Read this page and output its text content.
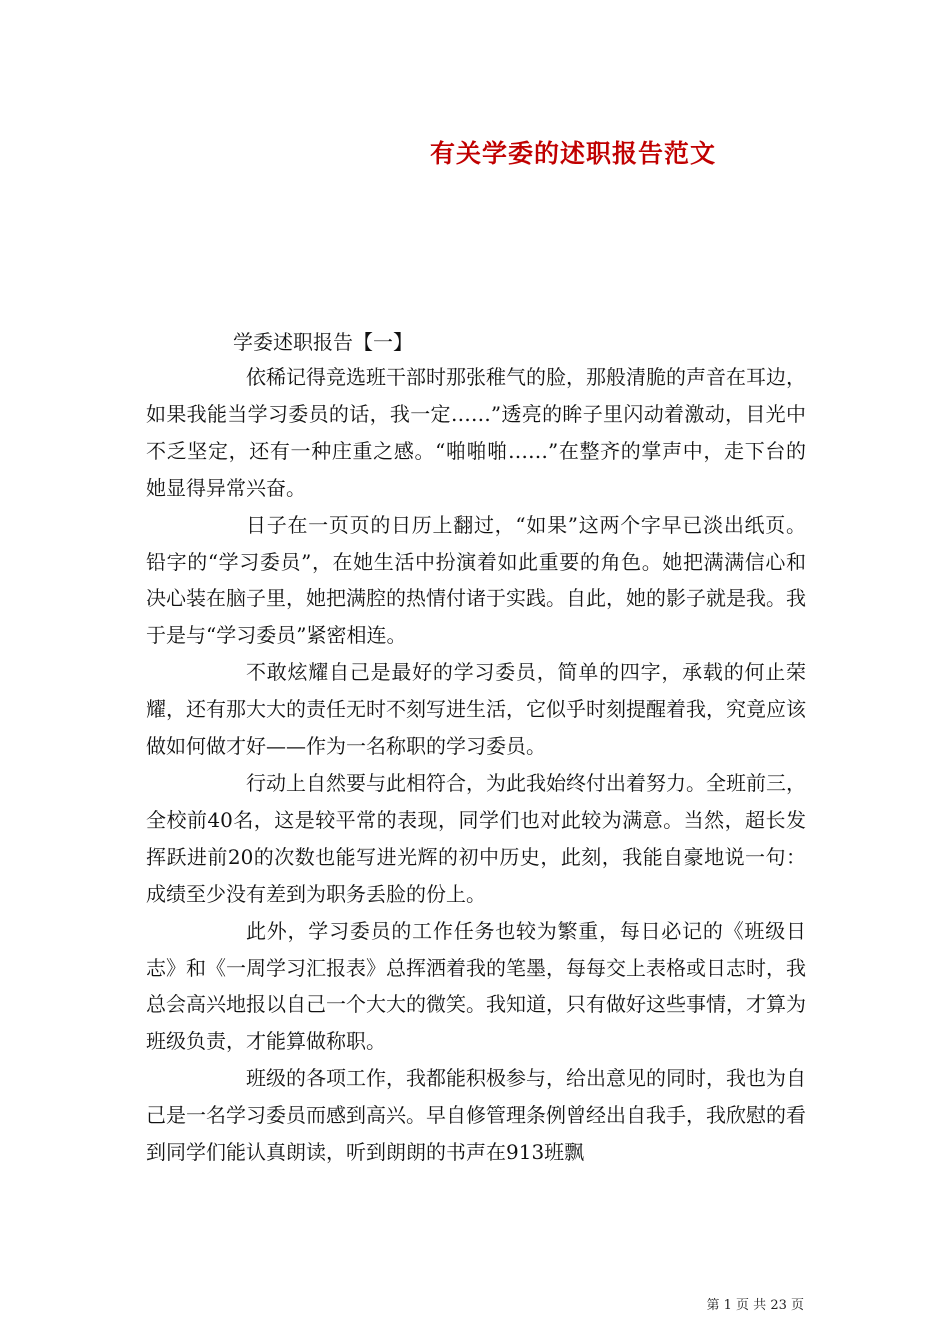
有关学委的述职报告范文
学委述职报告【一】

依稀记得竞选班干部时那张稚气的脸，那般清脆的声音在耳边，如果我能当学习委员的话，我一定……”透亮的眸子里闪动着激动，目光中不乏坚定，还有一种庄重之感。“啪啪啪……”在整齐的掌声中，走下台的她显得异常兴奋。

日子在一页页的日历上翻过，“如果”这两个字早已淡出纸页。铅字的“学习委员”，在她生活中扮演着如此重要的角色。她把满满信心和决心装在脑子里，她把满腔的热情付诸于实践。自此，她的影子就是我。我于是与“学习委员”紧密相连。

不敢炫耀自己是最好的学习委员，简单的四字，承载的何止荣耀，还有那大大的责任无时不刻写进生活，它似乎时刻提醒着我，究竟应该做如何做才好——作为一名称职的学习委员。

行动上自然要与此相符合，为此我始终付出着努力。全班前三，全校前40名，这是较平常的表现，同学们也对此较为满意。当然，超长发挥跃进前20的次数也能写进光辉的初中历史，此刻，我能自豪地说一句：成绩至少没有差到为职务丢脸的份上。

此外，学习委员的工作任务也较为繁重，每日必记的《班级日志》和《一周学习汇报表》总挥洒着我的笔墨，每每交上表格或日志时，我总会高兴地报以自己一个大大的微笑。我知道，只有做好这些事情，才算为班级负责，才能算做称职。

班级的各项工作，我都能积极参与，给出意见的同时，我也为自己是一名学习委员而感到高兴。早自修管理条例曾经出自我手，我欣慰的看到同学们能认真朗读，听到朗朗的书声在913班飘

第 1 页 共 23 页
